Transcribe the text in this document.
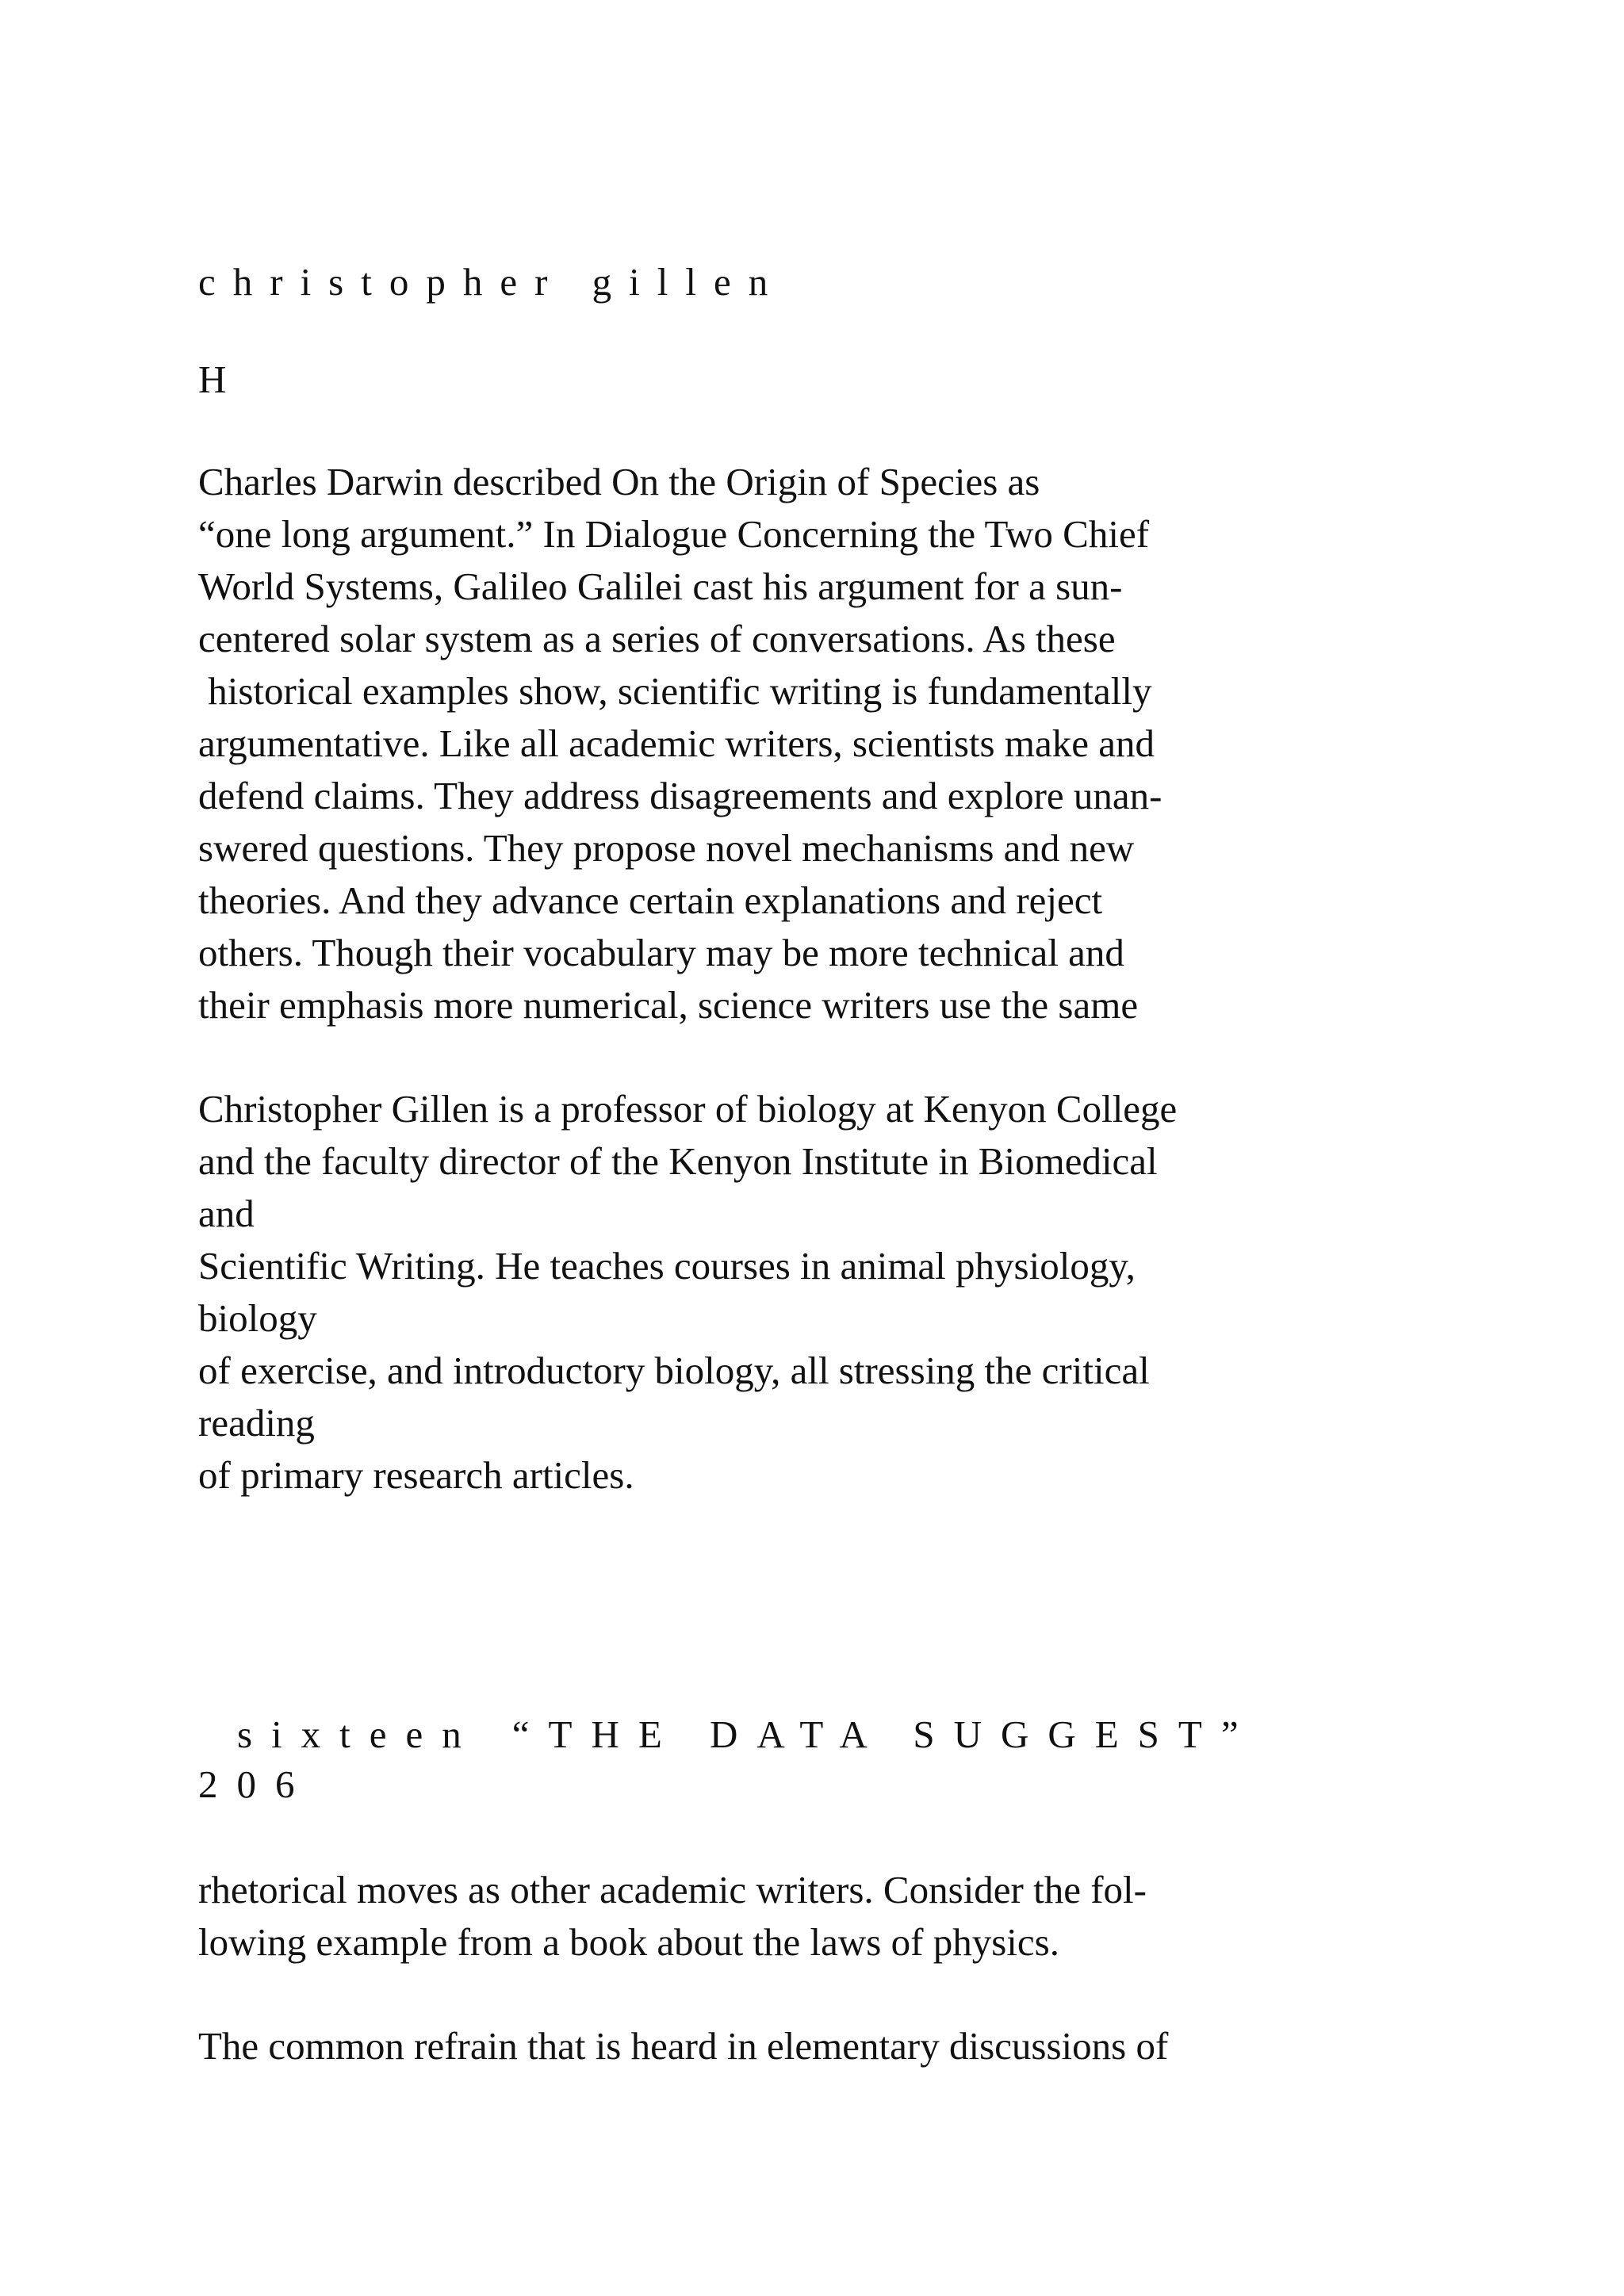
christopher gillen
H
Charles Darwin described On the Origin of Species as
“one long argument.” In Dialogue Concerning the Two Chief
World Systems, Galileo Galilei cast his argument for a sun-
centered solar system as a series of conversations. As these
historical examples show, scientific writing is fundamentally
argumentative. Like all academic writers, scientists make and
defend claims. They address disagreements and explore unan-
swered questions. They propose novel mechanisms and new
theories. And they advance certain explanations and reject
others. Though their vocabulary may be more technical and
their emphasis more numerical, science writers use the same
Christopher Gillen is a professor of biology at Kenyon College
and the faculty director of the Kenyon Institute in Biomedical
and
Scientific Writing. He teaches courses in animal physiology,
biology
of exercise, and introductory biology, all stressing the critical
reading
of primary research articles.

sixteen “THE DATA SUGGEST”

206
rhetorical moves as other academic writers. Consider the fol-
lowing example from a book about the laws of physics.
The common refrain that is heard in elementary discussions of
